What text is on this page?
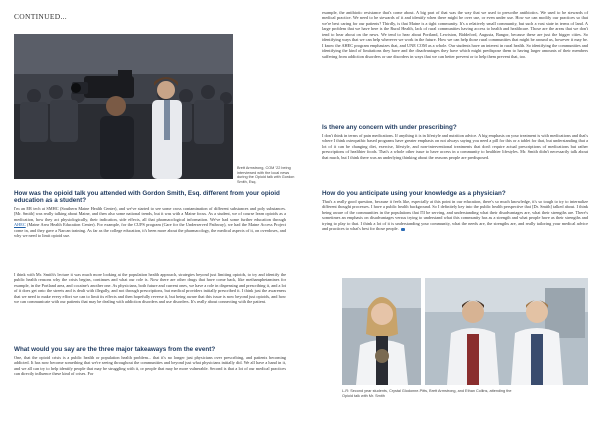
CONTINUED...
Brett Armstrong, COM '22 being interviewed with the local news during the Opioid talk with Gordon Smith, Esq.
How was the opioid talk you attended with Gordon Smith, Esq. different from your opioid education as a student?
I'm an ER tech at SMHC (Southern Maine Health Center), and we've started to see some cross contamination of different substances and poly substances. [Mr. Smith] was really talking about Maine, and then also some national trends, but it was with a Maine focus. As a student, we of course learn opioids as a medication, how they act physiologically, their indication, side effects, all that pharmacological information. We've had some further education through AHEC (Maine Area Health Education Center). For example, for the CUPS program (Care for the Underserved Pathway), we had the Maine Access Project come in, and they gave a Narcan training. As far as the college education, it's been more about the pharmacology, the medical aspects of it, on overdoses, and why we need to limit opioid use.
I think with Mr. Smith's lecture it was much more looking at the population health approach, strategies beyond just limiting opioids, to try and identify the public health reasons why the crisis begins, continues and what our role is. Now there are other drugs that have come back, like methamphetamines for example, in the Portland area, and cocaine's another one. As physicians, both future and current ones, we have a role in dispensing and prescribing it, and a lot of it does get onto the streets and is dealt with illegally, and not through prescriptions, but medical providers initially prescribed it. I think just the awareness that we need to make every effort we can to limit its effects and then hopefully reverse it, but being aware that this issue is now beyond just opioids, and how we can communicate with our patients that may be dealing with addiction disorders and use disorders. It's really about connecting with the patient.
What would you say are the three major takeaways from the event?
One, that the opioid crisis is a public health or population health problem... that it's no longer just physicians over prescribing, and patients becoming addicted. It has now become something that we're seeing throughout the communities and beyond just what physicians initially did. We all have a hand in it, and we all can try to help identify people that may be struggling with it, or people that may be more vulnerable. Second is that a lot of our medical practices can directly influence these kind of crises. For
example, the antibiotic resistance that's come about. A big part of that was the way that we used to prescribe antibiotics. We used to be stewards of medical practice. We need to be stewards of it and identify when there might be over use, or even under use. How we can modify our practices so that we're best caring for our patients? Thirdly, is that Maine is a tight community. It's a relatively small community, but such a vast state in terms of land. A large problem that we have here is the Rural Health, lack of rural communities having access to health and healthcare. Those are the areas that we don't tend to hear about on the news. We tend to hear about Portland, Lewiston, Biddeford, Augusta, Bangor, because these are just the bigger cities. So identifying ways that we can help wherever we work in the future. How we can help those rural communities that might be around us, however it may be. I know the AHEC program emphasizes that, and UNE COM as a whole. Our students have an interest in rural health. So identifying the communities and identifying the kind of limitations they have and the disadvantages they have which might predispose them to having larger amounts of their members suffering from addiction disorders or use disorders in ways that we can better prevent or to help them prevent that, too.
Is there any concern with under prescribing?
I don't think in terms of pain medications. If anything it is in lifestyle and nutrition advice. A big emphasis on your treatment is with medications and that's where I think osteopathic based programs have greater emphasis on not always saying you need a pill for this or a tablet for that, but understanding that a lot of it can be changing diet, exercise, lifestyle, and non-interventional treatments that don't require actual prescriptions of medications but rather prescriptions of healthier foods. That's a whole other issue to have access in a community to healthier lifestyles. Mr. Smith didn't necessarily talk about that much, but I think there was an underlying thinking about the reasons people are predisposed.
How do you anticipate using your knowledge as a physician?
That's a really good question, because it feels like, especially at this point in our education, there's so much knowledge, it's so tough to try to internalize different thought processes. I have a public health background. So I definitely key into the public health perspective that [Dr. Smith] talked about. I think being aware of the communities in the populations that I'll be serving, and understanding what their disadvantages are, what their strengths are. There's sometimes an emphasis on disadvantages versus trying to understand what this community has as a strength and what people have as their strengths and trying to play to that. I think a lot of it is understanding your community, what the needs are, the strengths are, and really tailoring your medical advice and practices to what's best for those people.
L-R: Second year students, Crystal Glodonne-Pitts, Brett Armstrong, and Ethan Collins, attending the Opioid talk with Mr. Smith
